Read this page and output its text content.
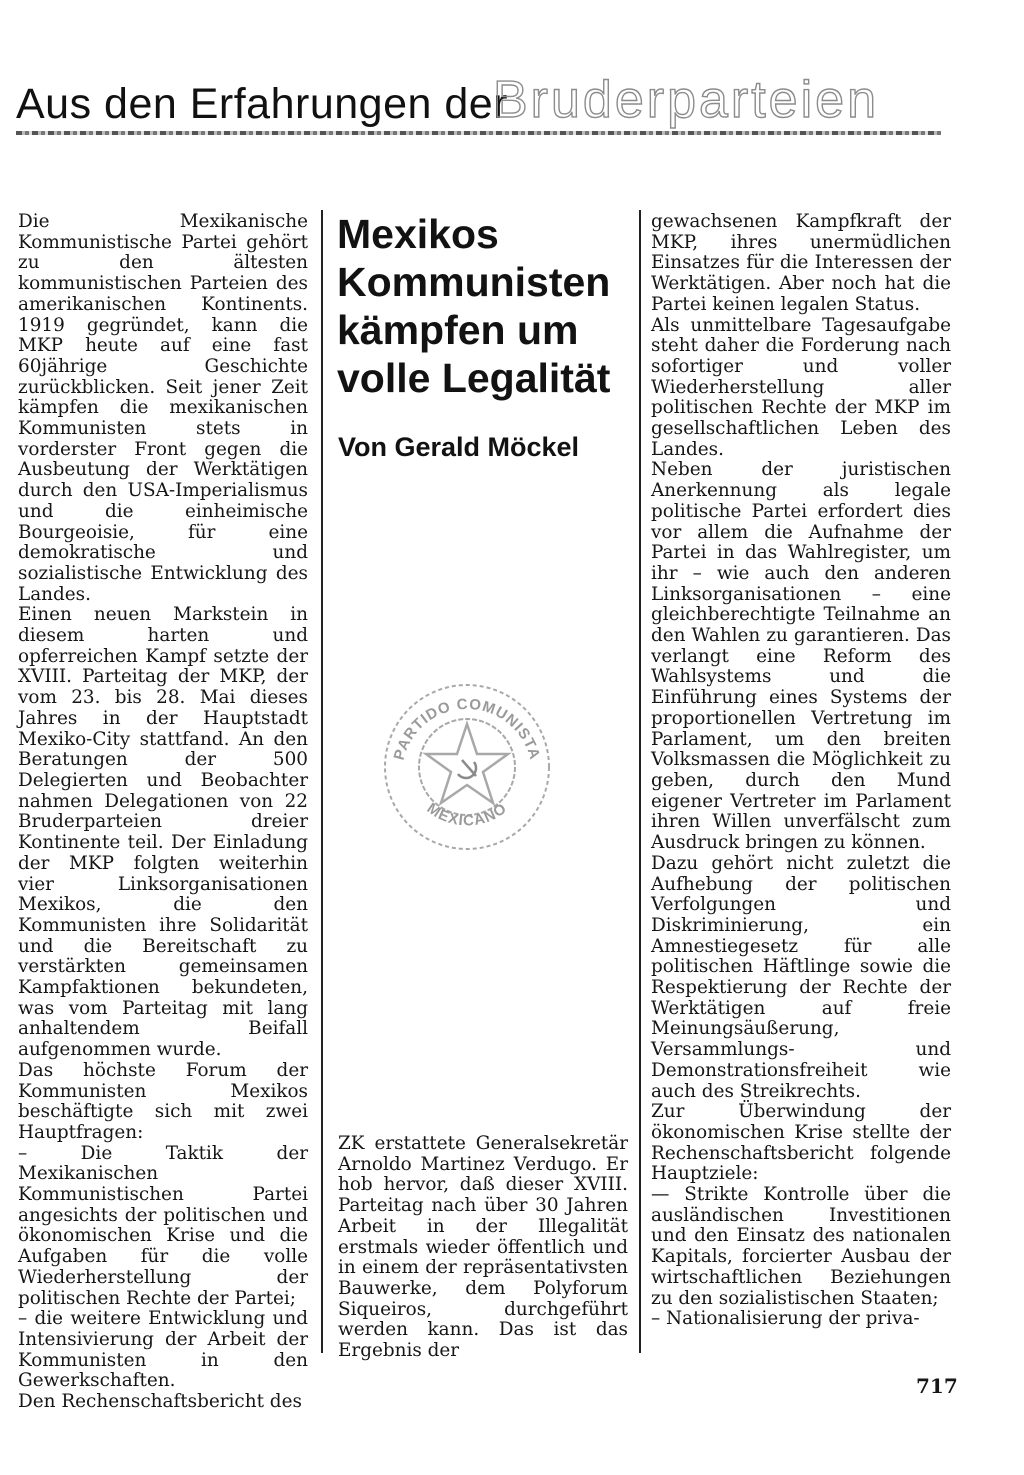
Aus den Erfahrungen der
Bruderparteien

Die Mexikanische Kommunistische Partei gehört zu den ältesten kommunistischen Parteien des amerikanischen Kontinents. 1919 gegründet, kann die MKP heute auf eine fast 60jährige Geschichte zurückblicken. Seit jener Zeit kämpfen die mexikanischen Kommunisten stets in vorderster Front gegen die Ausbeutung der Werktätigen durch den USA-Imperialismus und die einheimische Bourgeoisie, für eine demokratische und sozialistische Entwicklung des Landes.

Einen neuen Markstein in diesem harten und opferreichen Kampf setzte der XVIII. Parteitag der MKP, der vom 23. bis 28. Mai dieses Jahres in der Hauptstadt Mexiko-City stattfand. An den Beratungen der 500 Delegierten und Beobachter nahmen Delegationen von 22 Bruderparteien dreier Kontinente teil. Der Einladung der MKP folgten weiterhin vier Linksorganisationen Mexikos, die den Kommunisten ihre Solidarität und die Bereitschaft zu verstärkten gemeinsamen Kampfaktionen bekundeten, was vom Parteitag mit lang anhaltendem Beifall aufgenommen wurde.

Das höchste Forum der Kommunisten Mexikos beschäftigte sich mit zwei Hauptfragen:

– Die Taktik der Mexikanischen Kommunistischen Partei angesichts der politischen und ökonomischen Krise und die Aufgaben für die volle Wiederherstellung der politischen Rechte der Partei;

– die weitere Entwicklung und Intensivierung der Arbeit der Kommunisten in den Gewerkschaften.

Den Rechenschaftsbericht des

Mexikos
Kommunisten
kämpfen um
volle Legalität
Von Gerald Möckel
PARTIDO COMUNISTA
MEXICANO

ZK erstattete Generalsekretär Arnoldo Martinez Verdugo. Er hob hervor, daß dieser XVIII. Parteitag nach über 30 Jahren Arbeit in der Illegalität erstmals wieder öffentlich und in einem der repräsentativsten Bauwerke, dem Polyforum Siqueiros, durchgeführt werden kann. Das ist das Ergebnis der

gewachsenen Kampfkraft der MKP, ihres unermüdlichen Einsatzes für die Interessen der Werktätigen. Aber noch hat die Partei keinen legalen Status.

Als unmittelbare Tagesaufgabe steht daher die Forderung nach sofortiger und voller Wiederherstellung aller politischen Rechte der MKP im gesellschaftlichen Leben des Landes.

Neben der juristischen Anerkennung als legale politische Partei erfordert dies vor allem die Aufnahme der Partei in das Wahlregister, um ihr – wie auch den anderen Linksorganisationen – eine gleichberechtigte Teilnahme an den Wahlen zu garantieren. Das verlangt eine Reform des Wahlsystems und die Einführung eines Systems der proportionellen Vertretung im Parlament, um den breiten Volksmassen die Möglichkeit zu geben, durch den Mund eigener Vertreter im Parlament ihren Willen unverfälscht zum Ausdruck bringen zu können.

Dazu gehört nicht zuletzt die Aufhebung der politischen Verfolgungen und Diskriminierung, ein Amnestiegesetz für alle politischen Häftlinge sowie die Respektierung der Rechte der Werktätigen auf freie Meinungsäußerung, Versammlungs- und Demonstrationsfreiheit wie auch des Streikrechts.

Zur Überwindung der ökonomischen Krise stellte der Rechenschaftsbericht folgende Hauptziele:

— Strikte Kontrolle über die ausländischen Investitionen und den Einsatz des nationalen Kapitals, forcierter Ausbau der wirtschaftlichen Beziehungen zu den sozialistischen Staaten;

– Nationalisierung der priva-

717
